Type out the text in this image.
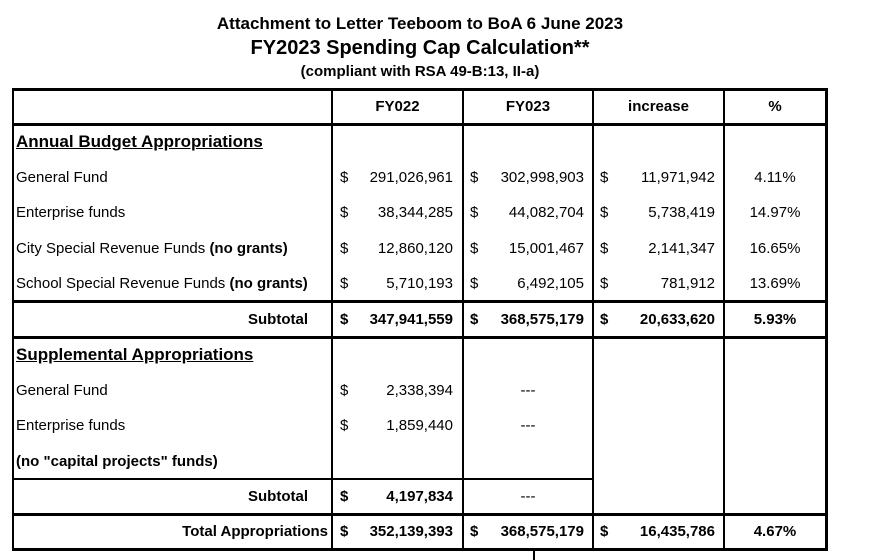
Attachment to Letter Teeboom to BoA 6 June 2023
FY2023 Spending Cap Calculation**
(compliant with RSA 49-B:13, II-a)
FY022	FY023	increase	%
Annual Budget Appropriations
General Fund	$	291,026,961 $	302,998,903 $	11,971,942	4.11%
Enterprise funds	$	38,344,285 $	44,082,704 $	5,738,419	14.97%
City Special Revenue Funds (no grants)	$	12,860,120 $	15,001,467 $	2,141,347	16.65%
School Special Revenue Funds (no grants) $	5,710,193 $	6,492,105 $	781,912	13.69%
Subtotal $	347,941,559 $	368,575,179 $	20,633,620	5.93%
Supplemental Appropriations
General Fund	$	2,338,394	---
Enterprise funds	$	1,859,440	---
(no "capital projects" funds)
Subtotal $	4,197,834	---
Total Appropriations $	352,139,393 $	368,575,179 $	16,435,786	4.67%
